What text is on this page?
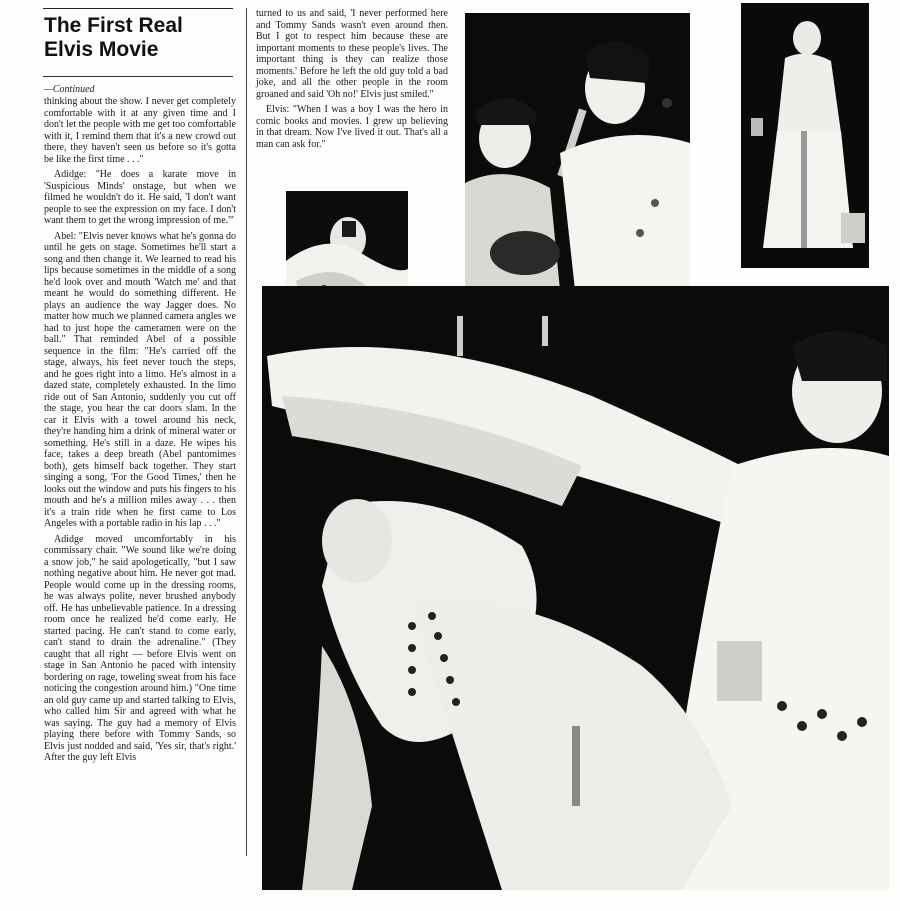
The First Real
Elvis Movie
—Continued

thinking about the show. I never get completely comfortable with it at any given time and I don't let the people with me get too comfortable with it, I remind them that it's a new crowd out there, they haven't seen us before so it's gotta be like the first time . . ."

Adidge: "He does a karate move in 'Suspicious Minds' onstage, but when we filmed he wouldn't do it. He said, 'I don't want people to see the expression on my face. I don't want them to get the wrong impression of me.'"

Abel: "Elvis never knows what he's gonna do until he gets on stage. Sometimes he'll start a song and then change it. We learned to read his lips because sometimes in the middle of a song he'd look over and mouth 'Watch me' and that meant he would do something different. He plays an audience the way Jagger does. No matter how much we planned camera angles we had to just hope the cameramen were on the ball." That reminded Abel of a possible sequence in the film: "He's carried off the stage, always, his feet never touch the steps, and he goes right into a limo. He's almost in a dazed state, completely exhausted. In the limo ride out of San Antonio, suddenly you cut off the stage, you hear the car doors slam. In the car it Elvis with a towel around his neck, they're handing him a drink of mineral water or something. He's still in a daze. He wipes his face, takes a deep breath (Abel pantomimes both), gets himself back together. They start singing a song, 'For the Good Times,' then he looks out the window and puts his fingers to his mouth and he's a million miles away . . . then it's a train ride when he first came to Los Angeles with a portable radio in his lap . . ."

Adidge moved uncomfortably in his commissary chair. "We sound like we're doing a snow job," he said apologetically, "but I saw nothing negative about him. He never got mad. People would come up in the dressing rooms, he was always polite, never brushed anybody off. He has unbelievable patience. In a dressing room once he realized he'd come early. He started pacing. He can't stand to come early, can't stand to drain the adrenaline." (They caught that all right — before Elvis went on stage in San Antonio he paced with intensity bordering on rage, toweling sweat from his face noticing the congestion around him.) "One time an old guy came up and started talking to Elvis, who called him Sir and agreed with what he was saying. The guy had a memory of Elvis playing there before with Tommy Sands, so Elvis just nodded and said, 'Yes sir, that's right.' After the guy left Elvis

turned to us and said, 'I never performed here and Tommy Sands wasn't even around then. But I got to respect him because these are important moments to these people's lives. The important thing is they can realize those moments.' Before he left the old guy told a bad joke, and all the other people in the room groaned and said 'Oh no!' Elvis just smiled."

Elvis: "When I was a boy I was the hero in comic books and movies. I grew up believing in that dream. Now I've lived it out. That's all a man can ask for."
